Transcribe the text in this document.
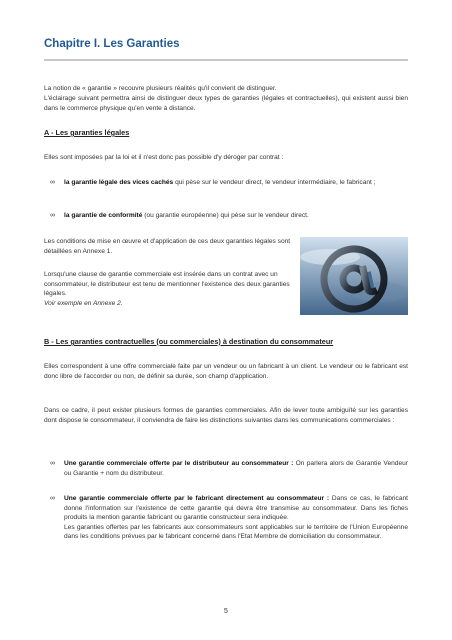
Chapitre I. Les Garanties
La notion de « garantie » recouvre plusieurs réalités qu'il convient de distinguer.
L'éclairage suivant permettra ainsi de distinguer deux types de garanties (légales et contractuelles), qui existent aussi bien dans le commerce physique qu'en vente à distance.
A - Les garanties légales
Elles sont imposées par la loi et il n'est donc pas possible d'y déroger par contrat :
∞ la garantie légale des vices cachés qui pèse sur le vendeur direct, le vendeur intermédiaire, le fabricant ;
∞ la garantie de conformité (ou garantie européenne) qui pèse sur le vendeur direct.
Les conditions de mise en œuvre et d'application de ces deux garanties légales sont détaillées en Annexe 1.
Lorsqu'une clause de garantie commerciale est insérée dans un contrat avec un consommateur, le distributeur est tenu de mentionner l'existence des deux garanties légales.
Voir exemple en Annexe 2.
B - Les garanties contractuelles (ou commerciales) à destination du consommateur
Elles correspondent à une offre commerciale faite par un vendeur ou un fabricant à un client. Le vendeur ou le fabricant est donc libre de l'accorder ou non, de définir sa durée, son champ d'application.
Dans ce cadre, il peut exister plusieurs formes de garanties commerciales. Afin de lever toute ambiguïté sur les garanties dont dispose le consommateur, il conviendra de faire les distinctions suivantes dans les communications commerciales :
∞ Une garantie commerciale offerte par le distributeur au consommateur : On parlera alors de Garantie Vendeur ou Garantie + nom du distributeur.
∞ Une garantie commerciale offerte par le fabricant directement au consommateur : Dans ce cas, le fabricant donne l'information sur l'existence de cette garantie qui devra être transmise au consommateur. Dans les fiches produits la mention garantie fabricant ou garantie constructeur sera indiquée.
Les garanties offertes par les fabricants aux consommateurs sont applicables sur le territoire de l'Union Européenne dans les conditions prévues par le fabricant concerné dans l'Etat Membre de domiciliation du consommateur.
5
